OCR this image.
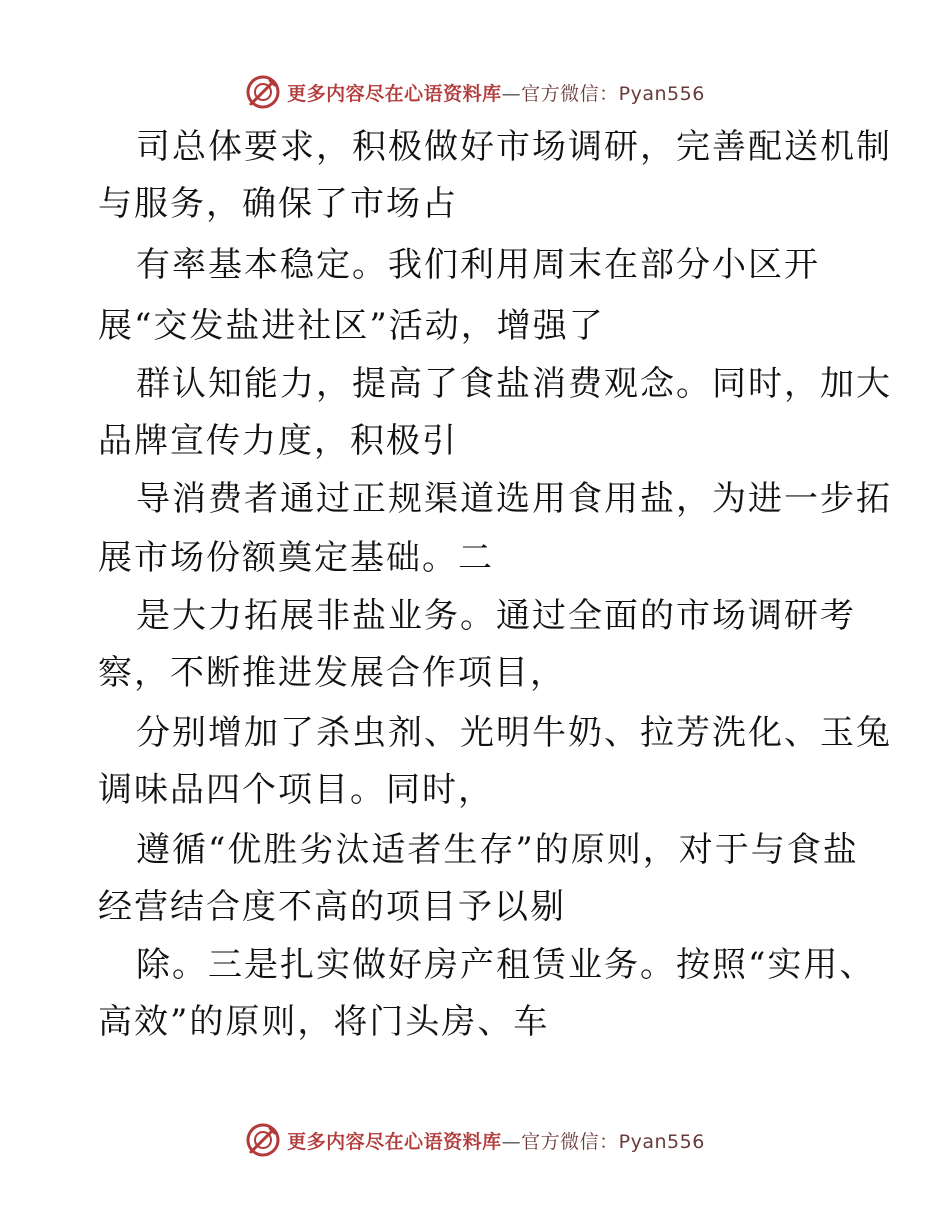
更多内容尽在心语资料库—官方微信：Pyan556
司总体要求，积极做好市场调研，完善配送机制
与服务，确保了市场占
有率基本稳定。我们利用周末在部分小区开
展“交发盐进社区”活动，增强了
群认知能力，提高了食盐消费观念。同时，加大
品牌宣传力度，积极引
导消费者通过正规渠道选用食用盐，为进一步拓
展市场份额奠定基础。二
是大力拓展非盐业务。通过全面的市场调研考
察，不断推进发展合作项目，
分别增加了杀虫剂、光明牛奶、拉芳洗化、玉兔
调味品四个项目。同时，
遵循“优胜劣汰适者生存”的原则，对于与食盐
经营结合度不高的项目予以剔
除。三是扎实做好房产租赁业务。按照“实用、
高效”的原则，将门头房、车
更多内容尽在心语资料库—官方微信：Pyan556
